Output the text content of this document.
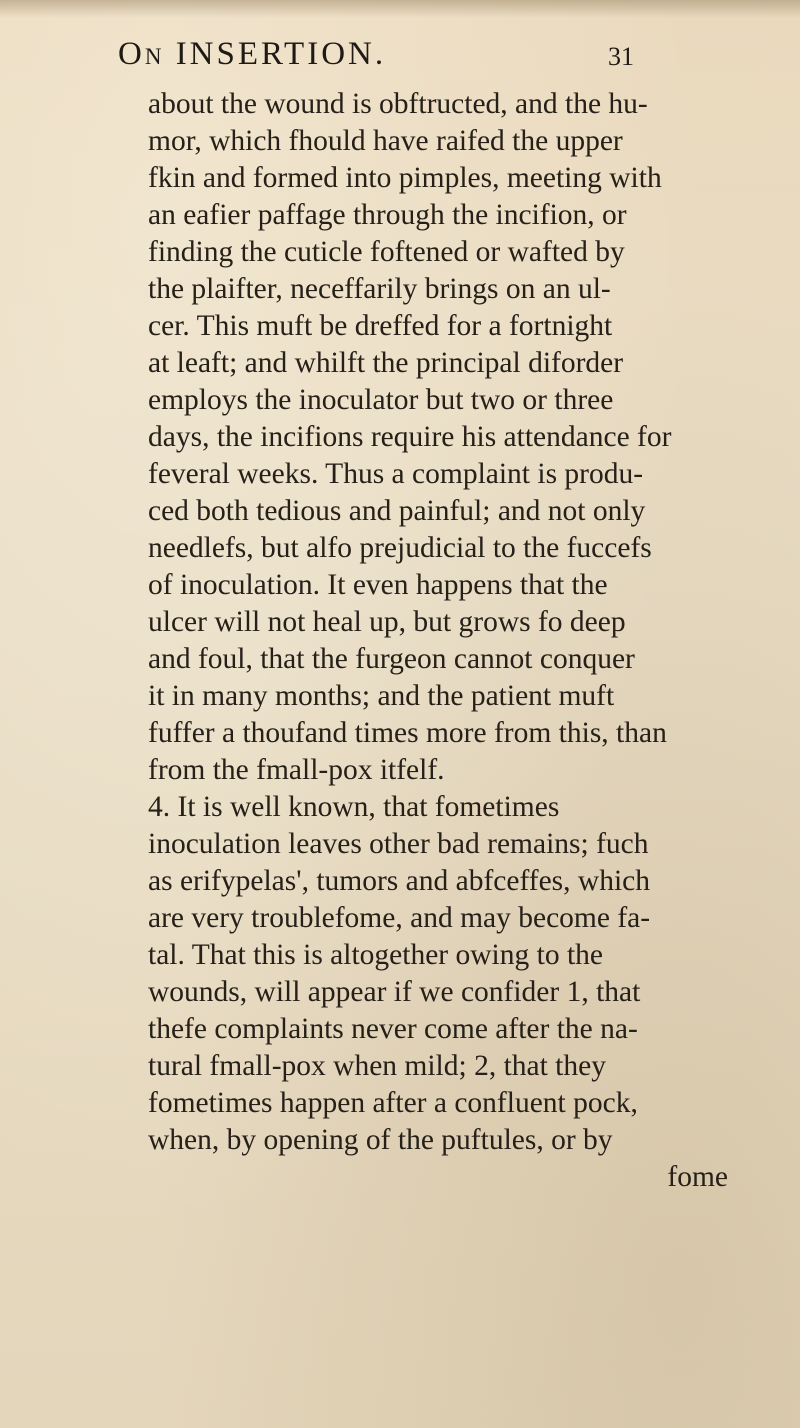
On INSERTION.	31
about the wound is obftructed, and the hu-
mor, which fhould have raifed the upper
fkin and formed into pimples, meeting with
an eafier paffage through the incifion, or
finding the cuticle foftened or wafted by
the plaifter, neceffarily brings on an ul-
cer. This muft be dreffed for a fortnight
at leaft; and whilft the principal diforder
employs the inoculator but two or three
days, the incifions require his attendance for
feveral weeks. Thus a complaint is produ-
ced both tedious and painful; and not only
needlefs, but alfo prejudicial to the fuccefs
of inoculation. It even happens that the
ulcer will not heal up, but grows fo deep
and foul, that the furgeon cannot conquer
it in many months; and the patient muft
fuffer a thoufand times more from this, than
from the fmall-pox itfelf.
4. It is well known, that fometimes
inoculation leaves other bad remains; fuch
as erifypelas', tumors and abfceffes, which
are very troublefome, and may become fa-
tal. That this is altogether owing to the
wounds, will appear if we confider 1, that
thefe complaints never come after the na-
tural fmall-pox when mild; 2, that they
fometimes happen after a confluent pock,
when, by opening of the puftules, or by
fome
